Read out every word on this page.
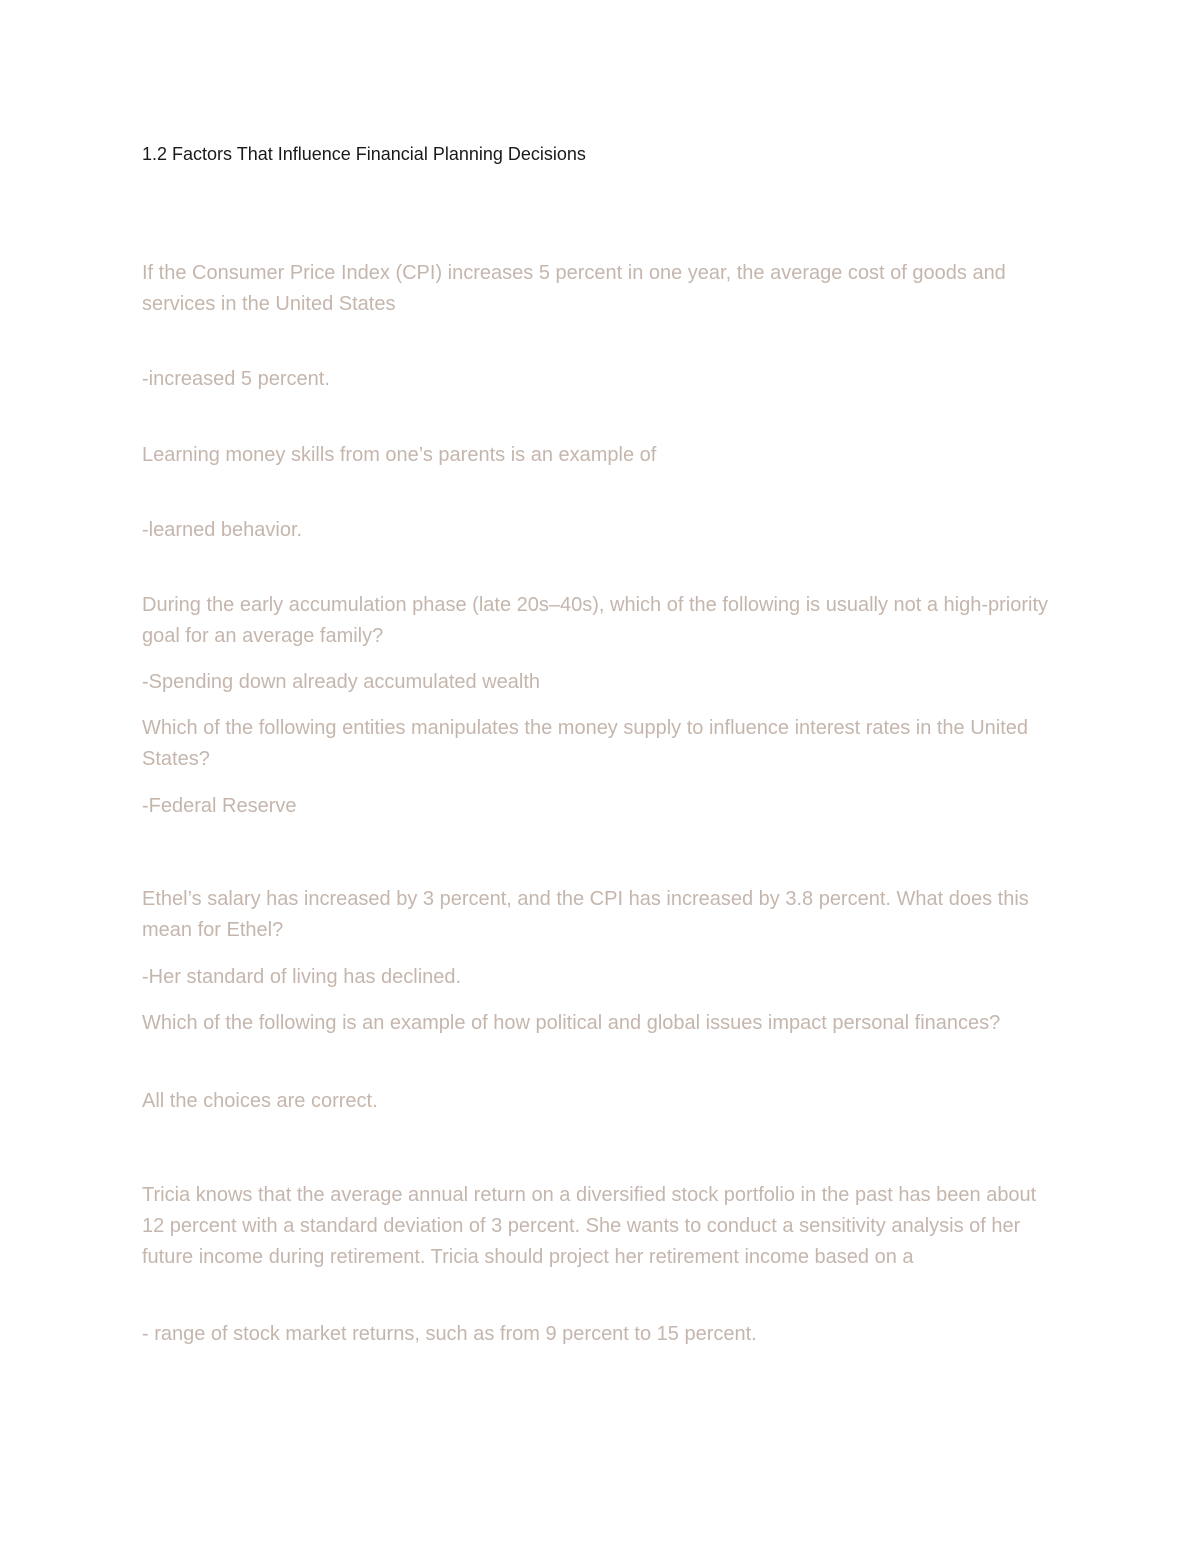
1.2 Factors That Influence Financial Planning Decisions
If the Consumer Price Index (CPI) increases 5 percent in one year, the average cost of goods and services in the United States
-increased 5 percent.
Learning money skills from one’s parents is an example of
-learned behavior.
During the early accumulation phase (late 20s–40s), which of the following is usually not a high-priority goal for an average family?
-Spending down already accumulated wealth
Which of the following entities manipulates the money supply to influence interest rates in the United States?
-Federal Reserve
Ethel’s salary has increased by 3 percent, and the CPI has increased by 3.8 percent. What does this mean for Ethel?
-Her standard of living has declined.
Which of the following is an example of how political and global issues impact personal finances?
All the choices are correct.
Tricia knows that the average annual return on a diversified stock portfolio in the past has been about 12 percent with a standard deviation of 3 percent. She wants to conduct a sensitivity analysis of her future income during retirement. Tricia should project her retirement income based on a
- range of stock market returns, such as from 9 percent to 15 percent.
